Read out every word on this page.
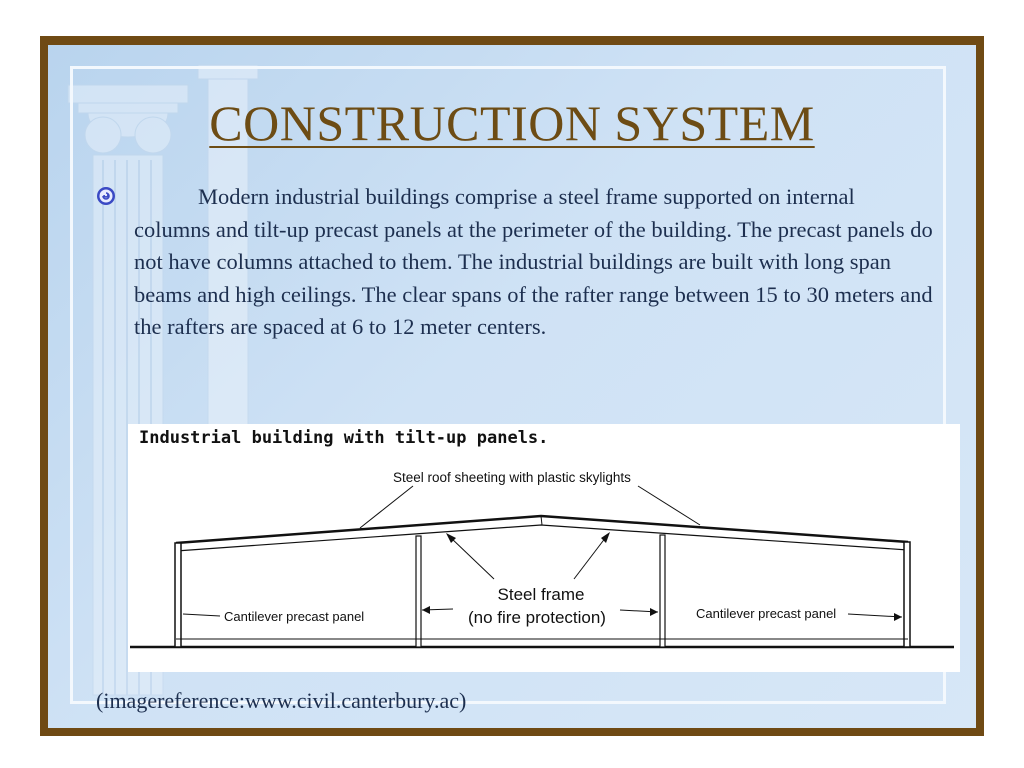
CONSTRUCTION SYSTEM

Modern industrial buildings comprise a steel frame supported on internal columns and tilt-up precast panels at the perimeter of the building. The precast panels do not have columns attached to them. The industrial buildings are built with long span beams and high ceilings. The clear spans of the rafter range between 15 to 30 meters and the rafters are spaced at 6 to 12 meter centers.

Steel roof sheeting with plastic skylights
Steel frame
(no fire protection)
Cantilever precast panel	Cantilever precast panel
Industrial building with tilt-up panels.

(imagereference:www.civil.canterbury.ac)
